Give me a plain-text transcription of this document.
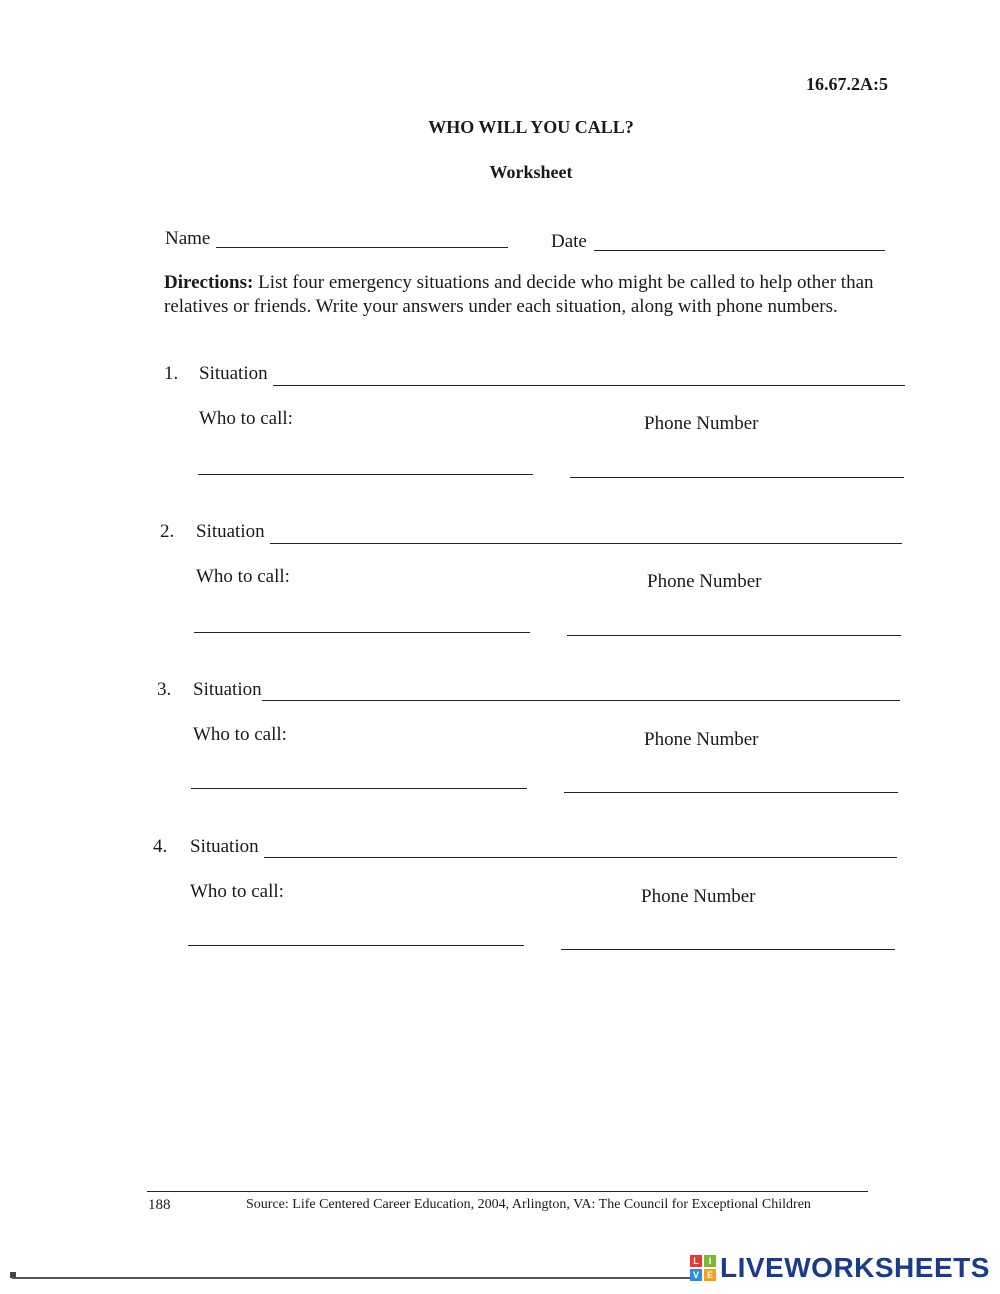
16.67.2A:5
WHO WILL YOU CALL?
Worksheet
Name	Date
Directions: List four emergency situations and decide who might be called to help other than relatives or friends. Write your answers under each situation, along with phone numbers.
1. Situation
Who to call:	Phone Number
2. Situation
Who to call:	Phone Number
3. Situation
Who to call:	Phone Number
4. Situation
Who to call:	Phone Number
188	Source: Life Centered Career Education, 2004, Arlington, VA: The Council for Exceptional Children
L	I
V E LIVEWORKSHEETS
